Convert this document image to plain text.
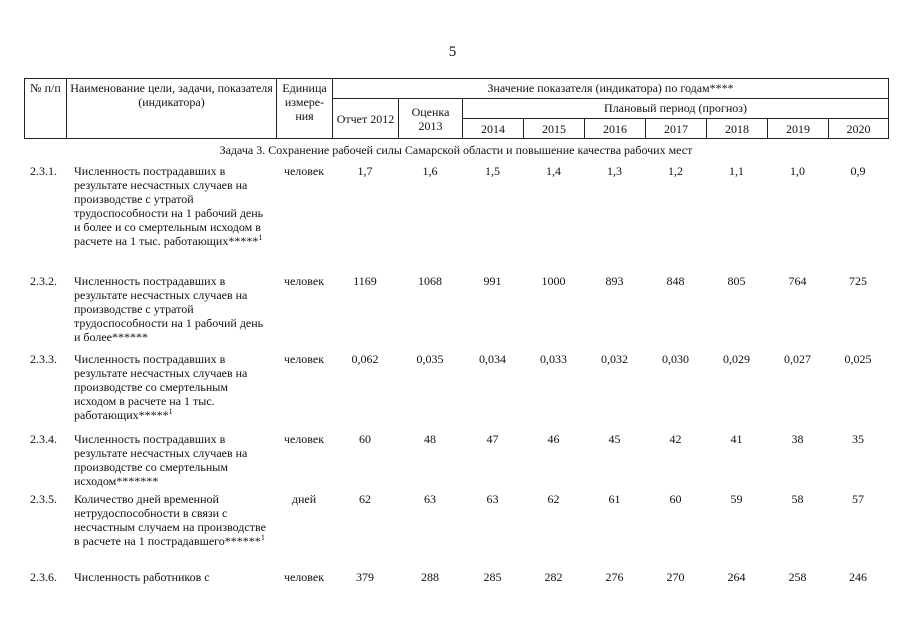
5
№ п/п	Наименование цели, задачи, показателя (индикатора)	Единица измере-ния	Значение показателя (индикатора) по годам****								
			Отчет 2012	Оценка 2013	Плановый период (прогноз)						
					2014	2015	2016	2017	2018	2019	2020
Задача 3. Сохранение рабочей силы Самарской области и повышение качества рабочих мест
2.3.1.	Численность пострадавших в результате несчастных случаев на производстве с утратой трудоспособности на 1 рабочий день и более и со смертельным исходом в расчете на 1 тыс. работающих*****$^1$	человек	1,7	1,6	1,5	1,4	1,3	1,2	1,1	1,0	0,9
2.3.2.	Численность пострадавших в результате несчастных случаев на производстве с утратой трудоспособности на 1 рабочий день и более******	человек	1169	1068	991	1000	893	848	805	764	725
2.3.3.	Численность пострадавших в результате несчастных случаев на производстве со смертельным исходом в расчете на 1 тыс. работающих*****$^1$	человек	0,062	0,035	0,034	0,033	0,032	0,030	0,029	0,027	0,025
2.3.4.	Численность пострадавших в результате несчастных случаев на производстве со смертельным исходом*******	человек	60	48	47	46	45	42	41	38	35
2.3.5.	Количество дней временной нетрудоспособности в связи с несчастным случаем на производстве в расчете на 1 пострадавшего******$^1$	дней	62	63	63	62	61	60	59	58	57
2.3.6.	Численность работников с	человек	379	288	285	282	276	270	264	258	246
